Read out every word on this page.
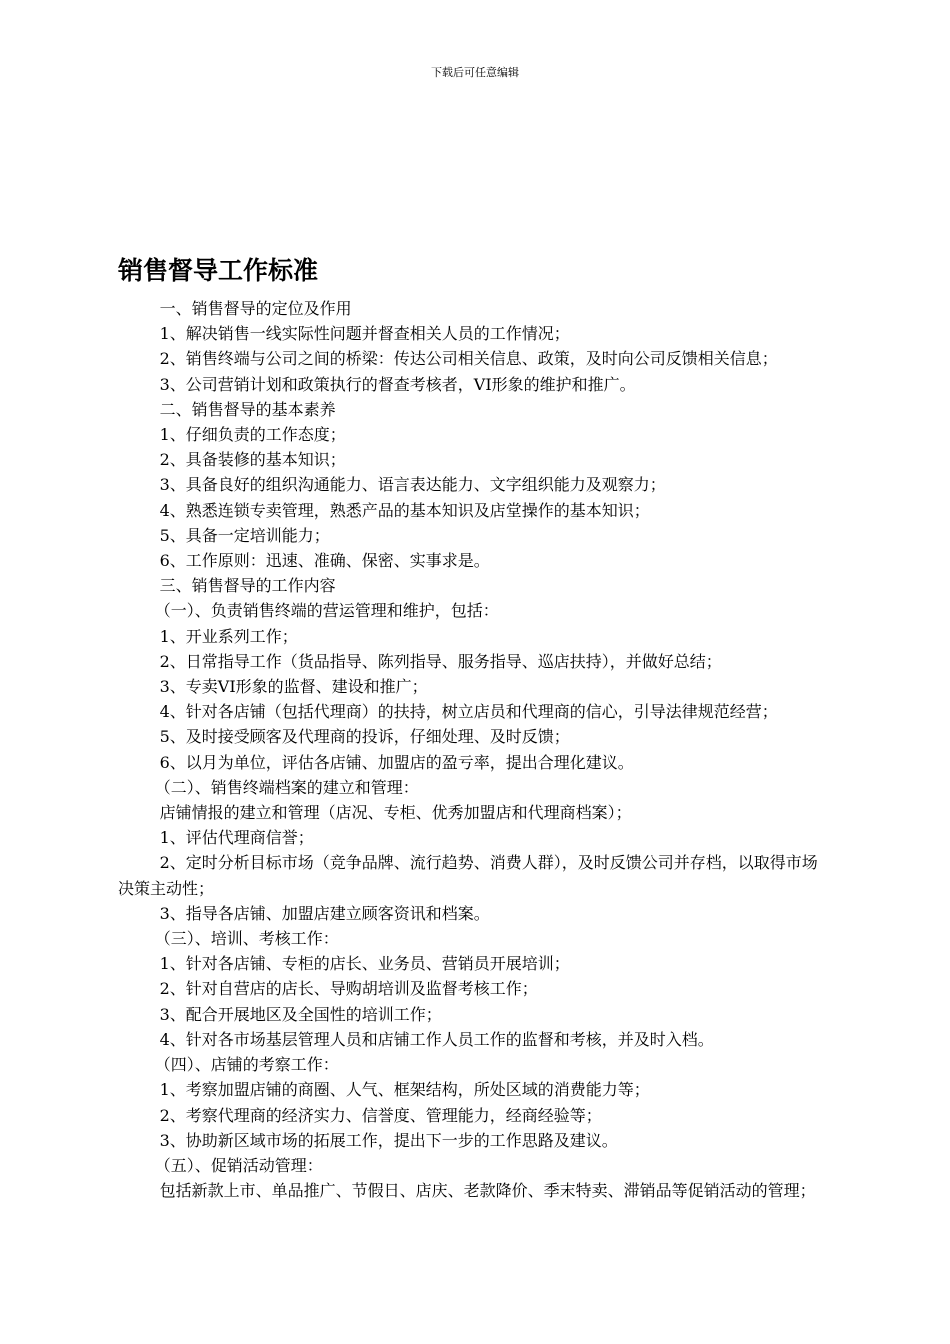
下载后可任意编辑
销售督导工作标准

一、销售督导的定位及作用

1、解决销售一线实际性问题并督查相关人员的工作情况；

2、销售终端与公司之间的桥梁：传达公司相关信息、政策，及时向公司反馈相关信息；

3、公司营销计划和政策执行的督查考核者，VI形象的维护和推广。

二、销售督导的基本素养

1、仔细负责的工作态度；

2、具备装修的基本知识；

3、具备良好的组织沟通能力、语言表达能力、文字组织能力及观察力；

4、熟悉连锁专卖管理，熟悉产品的基本知识及店堂操作的基本知识；

5、具备一定培训能力；

6、工作原则：迅速、准确、保密、实事求是。

三、销售督导的工作内容

（一）、负责销售终端的营运管理和维护，包括：

1、开业系列工作；

2、日常指导工作（货品指导、陈列指导、服务指导、巡店扶持），并做好总结；

3、专卖VI形象的监督、建设和推广；

4、针对各店铺（包括代理商）的扶持，树立店员和代理商的信心，引导法律规范经营；

5、及时接受顾客及代理商的投诉，仔细处理、及时反馈；

6、以月为单位，评估各店铺、加盟店的盈亏率，提出合理化建议。

（二）、销售终端档案的建立和管理：

店铺情报的建立和管理（店况、专柜、优秀加盟店和代理商档案）；

1、评估代理商信誉；

2、定时分析目标市场（竞争品牌、流行趋势、消费人群），及时反馈公司并存档，以取得市场决策主动性；

3、指导各店铺、加盟店建立顾客资讯和档案。

（三）、培训、考核工作：

1、针对各店铺、专柜的店长、业务员、营销员开展培训；

2、针对自营店的店长、导购胡培训及监督考核工作；

3、配合开展地区及全国性的培训工作；

4、针对各市场基层管理人员和店铺工作人员工作的监督和考核，并及时入档。

（四）、店铺的考察工作：

1、考察加盟店铺的商圈、人气、框架结构，所处区域的消费能力等；

2、考察代理商的经济实力、信誉度、管理能力，经商经验等；

3、协助新区域市场的拓展工作，提出下一步的工作思路及建议。

（五）、促销活动管理：

包括新款上市、单品推广、节假日、店庆、老款降价、季末特卖、滞销品等促销活动的管理；
